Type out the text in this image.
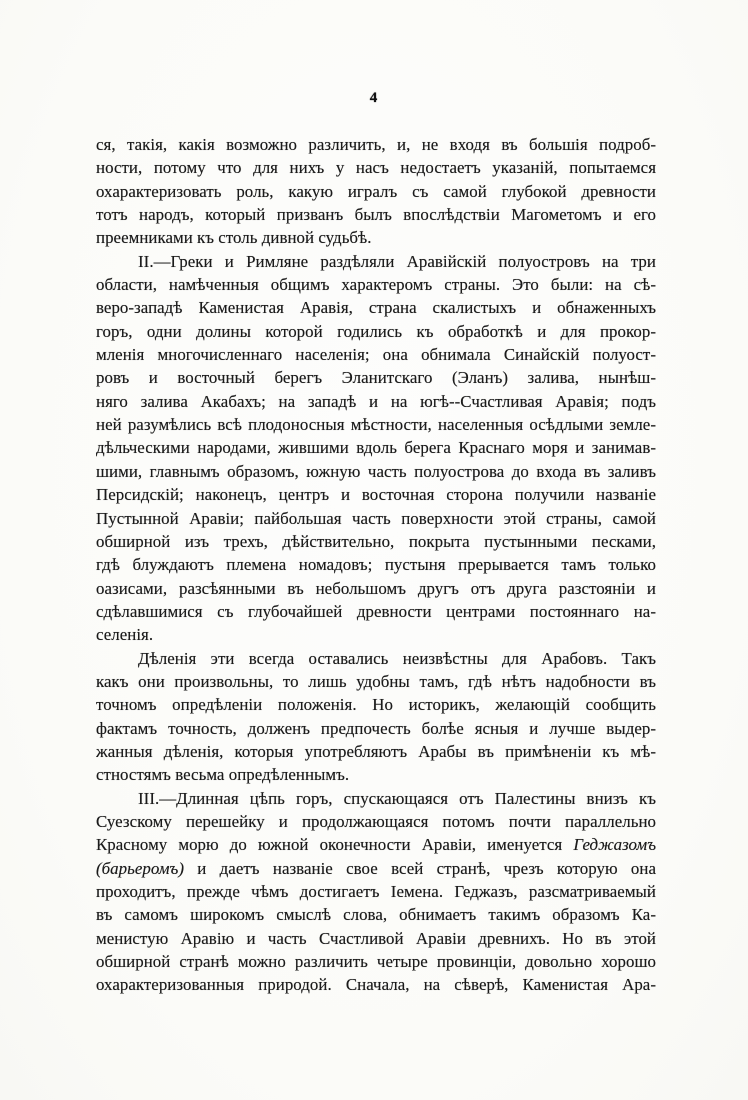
4
ся, такія, какія возможно различить, и, не входя въ большія подроб-
ности, потому что для нихъ у насъ недостаетъ указаній, попытаемся
охарактеризовать роль, какую игралъ съ самой глубокой древности
тотъ народъ, который призванъ былъ впослѣдствіи Магометомъ и его
преемниками къ столь дивной судьбѣ.
II.—Греки и Римляне раздѣляли Аравійскій полуостровъ на три
области, намѣченныя общимъ характеромъ страны. Это были: на сѣ-
веро-западѣ Каменистая Аравія, страна скалистыхъ и обнаженныхъ
горъ, одни долины которой годились къ обработкѣ и для прокор-
мленія многочисленнаго населенія; она обнимала Синайскій полуост-
ровъ и восточный берегъ Эланитскаго (Эланъ) залива, нынѣш-
няго залива Акабахъ; на западѣ и на югѣ--Счастливая Аравія; подъ
ней разумѣлись всѣ плодоносныя мѣстности, населенныя осѣдлыми земле-
дѣльческими народами, жившими вдоль берега Краснаго моря и занимав-
шими, главнымъ образомъ, южную часть полуострова до входа въ заливъ
Персидскій; наконецъ, центръ и восточная сторона получили названіе
Пустынной Аравіи; пайбольшая часть поверхности этой страны, самой
обширной изъ трехъ, дѣйствительно, покрыта пустынными песками,
гдѣ блуждаютъ племена номадовъ; пустыня прерывается тамъ только
оазисами, разсѣянными въ небольшомъ другъ отъ друга разстояніи и
сдѣлавшимися съ глубочайшей древности центрами постояннаго на-
селенія.
Дѣленія эти всегда оставались неизвѣстны для Арабовъ. Такъ
какъ они произвольны, то лишь удобны тамъ, гдѣ нѣтъ надобности въ
точномъ опредѣленіи положенія. Но историкъ, желающій сообщить
фактамъ точность, долженъ предпочесть болѣе ясныя и лучше выдер-
жанныя дѣленія, которыя употребляютъ Арабы въ примѣненіи къ мѣ-
стностямъ весьма опредѣленнымъ.
III.—Длинная цѣпь горъ, спускающаяся отъ Палестины внизъ къ
Суезскому перешейку и продолжающаяся потомъ почти параллельно
Красному морю до южной оконечности Аравіи, именуется Геджазомъ
(барьеромъ) и даетъ названіе свое всей странѣ, чрезъ которую она
проходитъ, прежде чѣмъ достигаетъ Іемена. Геджазъ, разсматриваемый
въ самомъ широкомъ смыслѣ слова, обнимаетъ такимъ образомъ Ка-
менистую Аравію и часть Счастливой Аравіи древнихъ. Но въ этой
обширной странѣ можно различить четыре провинціи, довольно хорошо
охарактеризованныя природой. Сначала, на сѣверѣ, Каменистая Ара-
